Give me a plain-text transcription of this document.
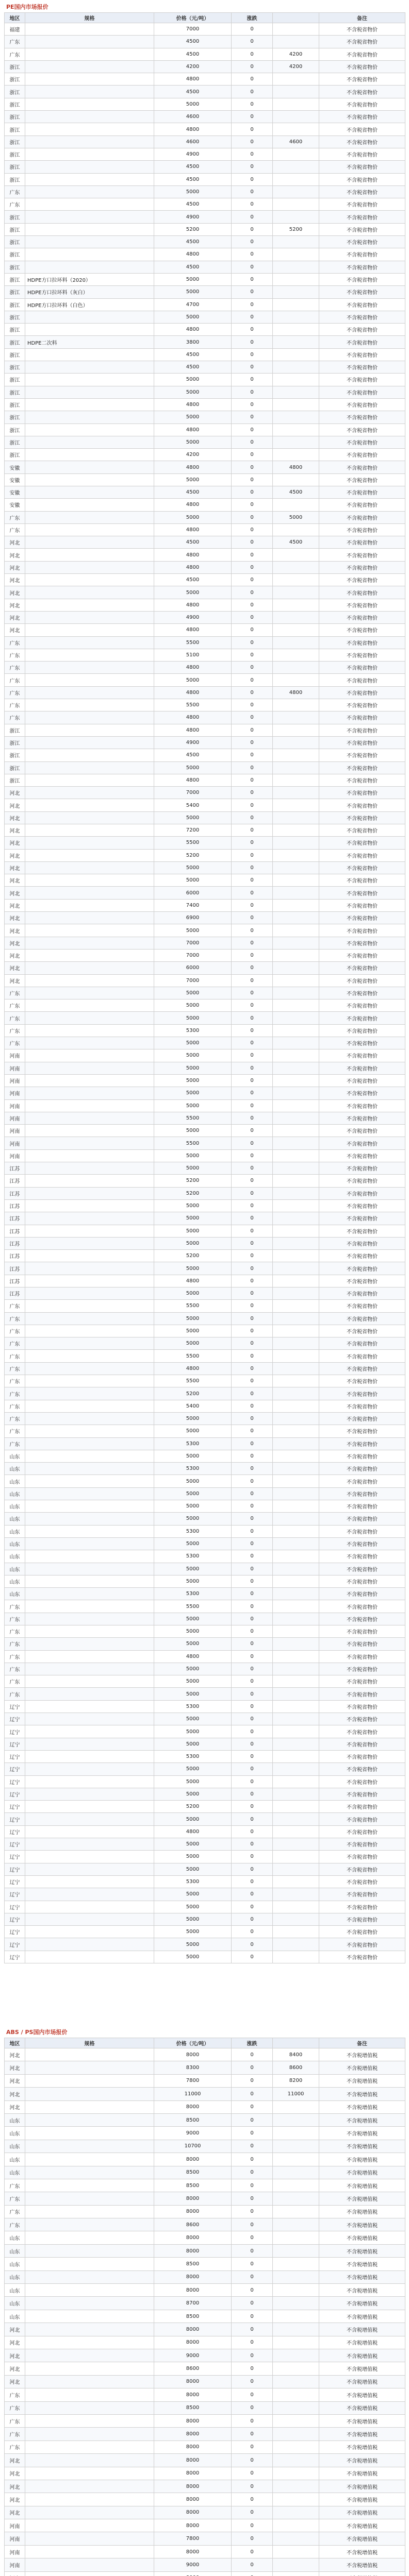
PE国内市场报价
地区	规格	价格（元/吨）	涨跌		备注
福建		7000	0		不含税省物价
广东		4500	0		不含税省物价
广东		4500	0	4200	不含税省物价
浙江		4200	0	4200	不含税省物价
浙江		4800	0		不含税省物价
浙江		4500	0		不含税省物价
浙江		5000	0		不含税省物价
浙江		4600	0		不含税省物价
浙江		4800	0		不含税省物价
浙江		4600	0	4600	不含税省物价
浙江		4900	0		不含税省物价
浙江		4500	0		不含税省物价
浙江		4500	0		不含税省物价
广东		5000	0		不含税省物价
广东		4500	0		不含税省物价
浙江		4900	0		不含税省物价
浙江		5200	0	5200	不含税省物价
浙江		4500	0		不含税省物价
浙江		4800	0		不含税省物价
浙江		4500	0		不含税省物价
浙江	HDPE方口拉环料（2020）	5000	0		不含税省物价
浙江	HDPE方口拉环料（灰白）	5000	0		不含税省物价
浙江	HDPE方口拉环料（白色）	4700	0		不含税省物价
浙江		5000	0		不含税省物价
浙江		4800	0		不含税省物价
浙江	HDPE二次料	3800	0		不含税省物价
浙江		4500	0		不含税省物价
浙江		4500	0		不含税省物价
浙江		5000	0		不含税省物价
浙江		5000	0		不含税省物价
浙江		4800	0		不含税省物价
浙江		5000	0		不含税省物价
浙江		4800	0		不含税省物价
浙江		5000	0		不含税省物价
浙江		4200	0		不含税省物价
安徽		4800	0	4800	不含税省物价
安徽		5000	0		不含税省物价
安徽		4500	0	4500	不含税省物价
安徽		4800	0		不含税省物价
广东		5000	0	5000	不含税省物价
广东		4800	0		不含税省物价
河北		4500	0	4500	不含税省物价
河北		4800	0		不含税省物价
河北		4800	0		不含税省物价
河北		4500	0		不含税省物价
河北		5000	0		不含税省物价
河北		4800	0		不含税省物价
河北		4900	0		不含税省物价
河北		4800	0		不含税省物价
广东		5500	0		不含税省物价
广东		5100	0		不含税省物价
广东		4800	0		不含税省物价
广东		5000	0		不含税省物价
广东		4800	0	4800	不含税省物价
广东		5500	0		不含税省物价
广东		4800	0		不含税省物价
浙江		4800	0		不含税省物价
浙江		4900	0		不含税省物价
浙江		4500	0		不含税省物价
浙江		5000	0		不含税省物价
浙江		4800	0		不含税省物价
河北		7000	0		不含税省物价
河北		5400	0		不含税省物价
河北		5000	0		不含税省物价
河北		7200	0		不含税省物价
河北		5500	0		不含税省物价
河北		5200	0		不含税省物价
河北		5000	0		不含税省物价
河北		5000	0		不含税省物价
河北		6000	0		不含税省物价
河北		7400	0		不含税省物价
河北		6900	0		不含税省物价
河北		5000	0		不含税省物价
河北		7000	0		不含税省物价
河北		7000	0		不含税省物价
河北		6000	0		不含税省物价
河北		7000	0		不含税省物价
广东		5000	0		不含税省物价
广东		5000	0		不含税省物价
广东		5000	0		不含税省物价
广东		5300	0		不含税省物价
广东		5000	0		不含税省物价
河南		5000	0		不含税省物价
河南		5000	0		不含税省物价
河南		5000	0		不含税省物价
河南		5000	0		不含税省物价
河南		5000	0		不含税省物价
河南		5500	0		不含税省物价
河南		5000	0		不含税省物价
河南		5500	0		不含税省物价
河南		5000	0		不含税省物价
江苏		5000	0		不含税省物价
江苏		5200	0		不含税省物价
江苏		5200	0		不含税省物价
江苏		5000	0		不含税省物价
江苏		5000	0		不含税省物价
江苏		5000	0		不含税省物价
江苏		5000	0		不含税省物价
江苏		5200	0		不含税省物价
江苏		5000	0		不含税省物价
江苏		4800	0		不含税省物价
江苏		5000	0		不含税省物价
广东		5500	0		不含税省物价
广东		5000	0		不含税省物价
广东		5000	0		不含税省物价
广东		5000	0		不含税省物价
广东		5500	0		不含税省物价
广东		4800	0		不含税省物价
广东		5500	0		不含税省物价
广东		5200	0		不含税省物价
广东		5400	0		不含税省物价
广东		5000	0		不含税省物价
广东		5000	0		不含税省物价
广东		5300	0		不含税省物价
山东		5000	0		不含税省物价
山东		5300	0		不含税省物价
山东		5000	0		不含税省物价
山东		5000	0		不含税省物价
山东		5000	0		不含税省物价
山东		5000	0		不含税省物价
山东		5300	0		不含税省物价
山东		5000	0		不含税省物价
山东		5300	0		不含税省物价
山东		5000	0		不含税省物价
山东		5000	0		不含税省物价
山东		5300	0		不含税省物价
广东		5500	0		不含税省物价
广东		5000	0		不含税省物价
广东		5000	0		不含税省物价
广东		5000	0		不含税省物价
广东		4800	0		不含税省物价
广东		5000	0		不含税省物价
广东		5000	0		不含税省物价
广东		5000	0		不含税省物价
辽宁		5300	0		不含税省物价
辽宁		5000	0		不含税省物价
辽宁		5000	0		不含税省物价
辽宁		5000	0		不含税省物价
辽宁		5300	0		不含税省物价
辽宁		5000	0		不含税省物价
辽宁		5000	0		不含税省物价
辽宁		5000	0		不含税省物价
辽宁		5200	0		不含税省物价
辽宁		5000	0		不含税省物价
辽宁		4800	0		不含税省物价
辽宁		5000	0		不含税省物价
辽宁		5000	0		不含税省物价
辽宁		5000	0		不含税省物价
辽宁		5300	0		不含税省物价
辽宁		5000	0		不含税省物价
辽宁		5000	0		不含税省物价
辽宁		5000	0		不含税省物价
辽宁		5000	0		不含税省物价
辽宁		5000	0		不含税省物价
辽宁		5000	0		不含税省物价
ABS / PS国内市场报价
地区	规格	价格（元/吨）	涨跌		备注
河北		8000	0	8400	不含税增值税
河北		8300	0	8600	不含税增值税
河北		7800	0	8200	不含税增值税
河北		11000	0	11000	不含税增值税
河北		8000	0		不含税增值税
山东		8500	0		不含税增值税
山东		9000	0		不含税增值税
山东		10700	0		不含税增值税
山东		8000	0		不含税增值税
山东		8500	0		不含税增值税
广东		8500	0		不含税增值税
广东		8000	0		不含税增值税
广东		8000	0		不含税增值税
广东		8600	0		不含税增值税
山东		8000	0		不含税增值税
山东		8000	0		不含税增值税
山东		8500	0		不含税增值税
山东		8000	0		不含税增值税
山东		8000	0		不含税增值税
山东		8700	0		不含税增值税
山东		8500	0		不含税增值税
河北		8000	0		不含税增值税
河北		8000	0		不含税增值税
河北		9000	0		不含税增值税
河北		8600	0		不含税增值税
河北		8000	0		不含税增值税
广东		8000	0		不含税增值税
广东		8500	0		不含税增值税
广东		8000	0		不含税增值税
广东		8000	0		不含税增值税
广东		8000	0		不含税增值税
河北		8000	0		不含税增值税
河北		8000	0		不含税增值税
河北		8000	0		不含税增值税
河北		8000	0		不含税增值税
河北		8000	0		不含税增值税
河南		8000	0		不含税增值税
河南		7800	0		不含税增值税
河南		8000	0		不含税增值税
河南		9000	0		不含税增值税
